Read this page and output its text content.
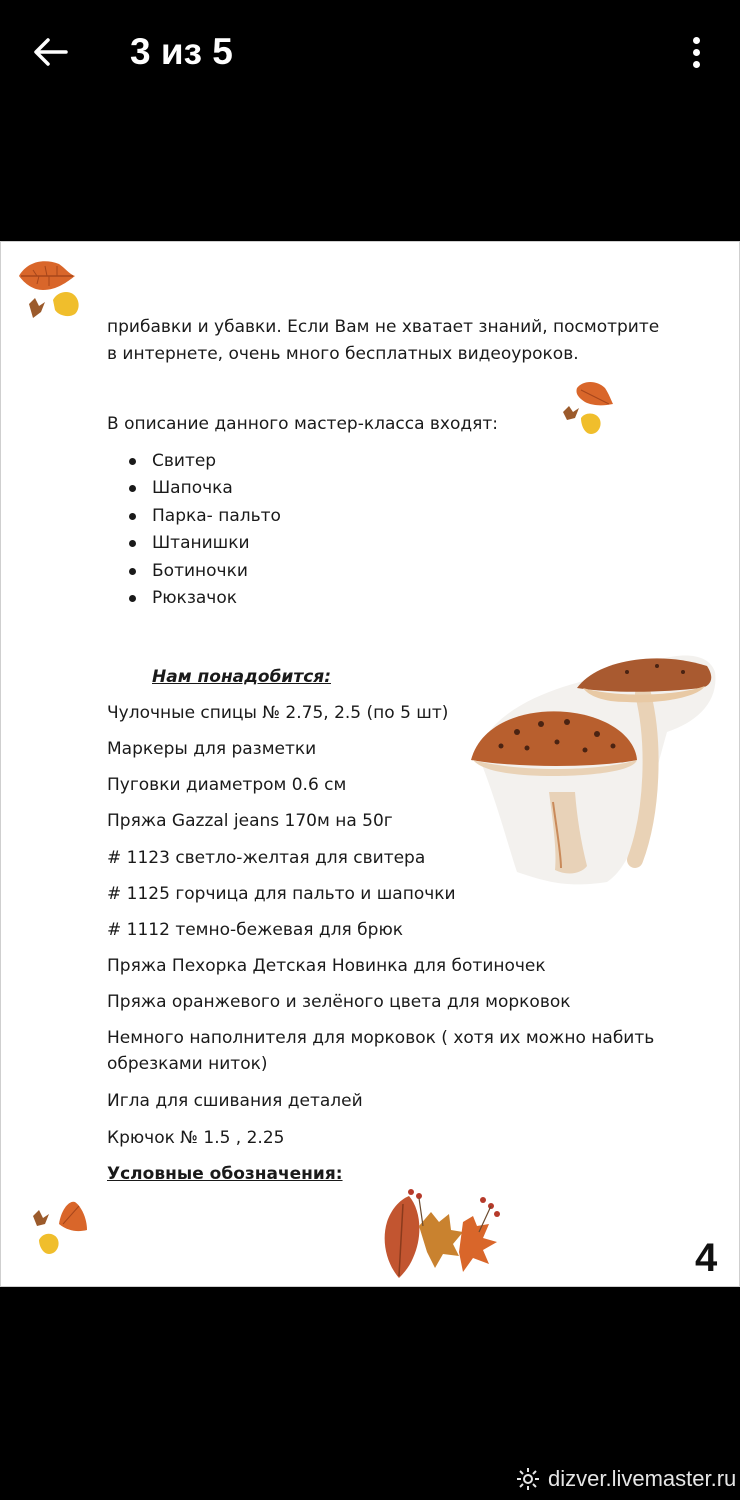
3 из 5
прибавки и убавки. Если Вам не хватает знаний, посмотрите в интернете, очень много бесплатных видеоуроков.
В описание данного мастер-класса входят:
Свитер
Шапочка
Парка- пальто
Штанишки
Ботиночки
Рюкзачок
Нам понадобится:
Чулочные спицы № 2.75, 2.5 (по 5 шт)
Маркеры для разметки
Пуговки диаметром 0.6 см
Пряжа Gazzal jeans 170м на 50г
# 1123 светло-желтая для свитера
# 1125 горчица для пальто и шапочки
# 1112 темно-бежевая для брюк
Пряжа Пехорка Детская Новинка для ботиночек
Пряжа оранжевого и зелёного цвета для морковок
Немного наполнителя для морковок ( хотя их можно набить обрезками ниток)
Игла для сшивания деталей
Крючок № 1.5 , 2.25
Условные обозначения:
4
dizver.livemaster.ru
